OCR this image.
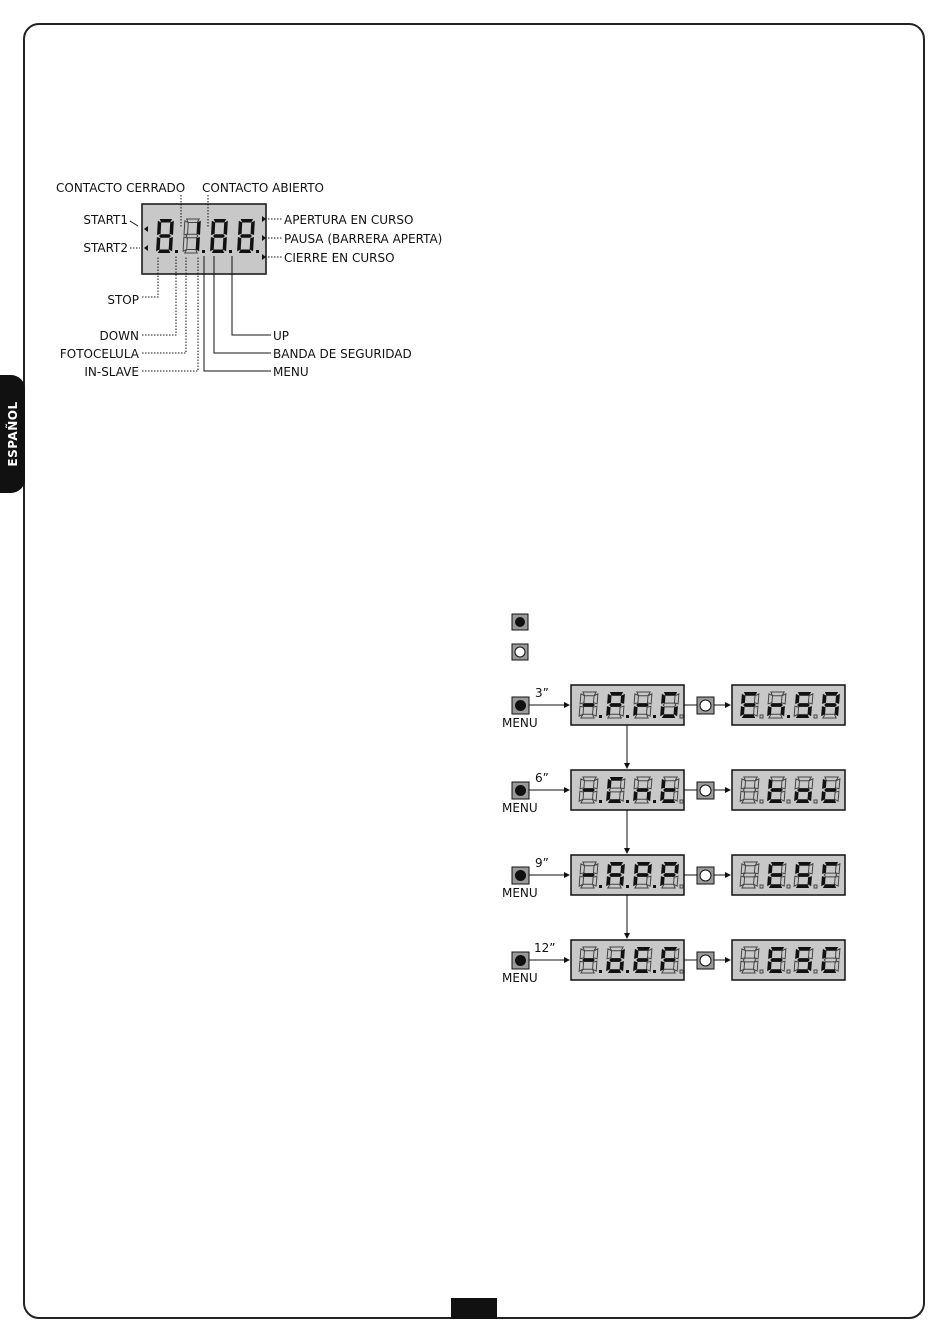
ESPAÑOL
CONTACTO CERRADO CONTACTO ABIERTO
START1
START2
STOP
APERTURA EN CURSO
PAUSA (BARRERA APERTA)
CIERRE EN CURSO
DOWN
FOTOCELULA
IN-SLAVE
UP
BANDA DE SEGURIDAD
MENU
3”
MENU
6”
MENU
9”
MENU
12”
MENU
